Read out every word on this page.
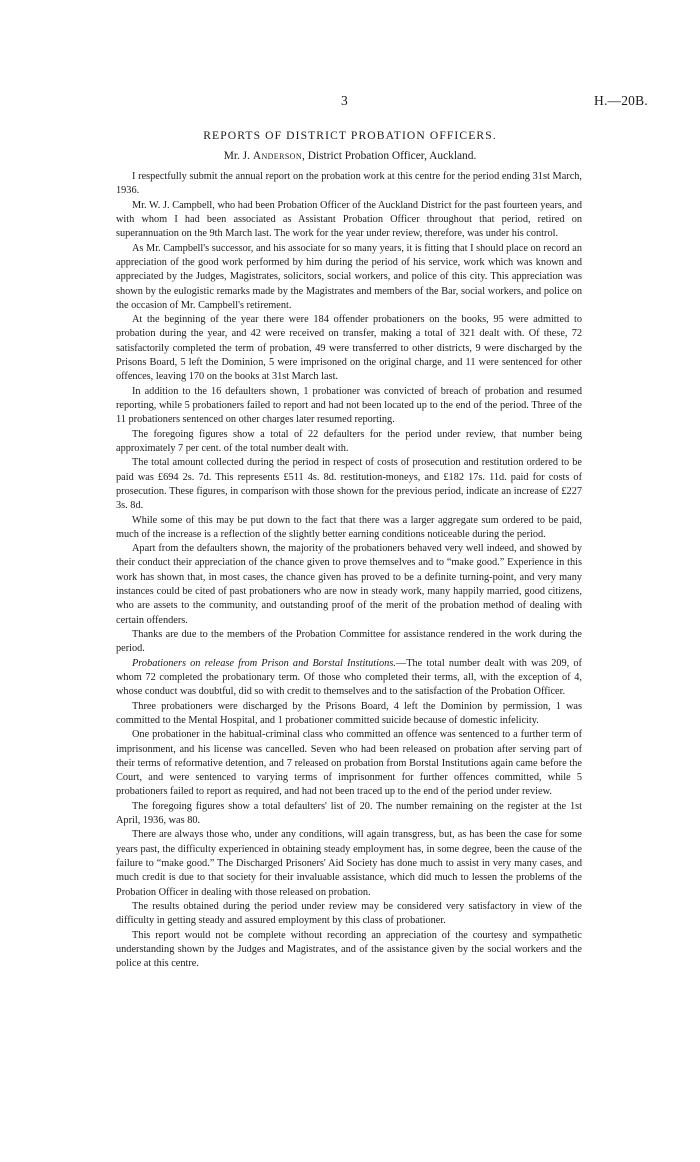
3	H.—20B.
REPORTS OF DISTRICT PROBATION OFFICERS.
Mr. J. Anderson, District Probation Officer, Auckland.

I respectfully submit the annual report on the probation work at this centre for the period ending 31st March, 1936.

Mr. W. J. Campbell, who had been Probation Officer of the Auckland District for the past fourteen years, and with whom I had been associated as Assistant Probation Officer throughout that period, retired on superannuation on the 9th March last. The work for the year under review, therefore, was under his control.

As Mr. Campbell's successor, and his associate for so many years, it is fitting that I should place on record an appreciation of the good work performed by him during the period of his service, work which was known and appreciated by the Judges, Magistrates, solicitors, social workers, and police of this city. This appreciation was shown by the eulogistic remarks made by the Magistrates and members of the Bar, social workers, and police on the occasion of Mr. Campbell's retirement.

At the beginning of the year there were 184 offender probationers on the books, 95 were admitted to probation during the year, and 42 were received on transfer, making a total of 321 dealt with. Of these, 72 satisfactorily completed the term of probation, 49 were transferred to other districts, 9 were discharged by the Prisons Board, 5 left the Dominion, 5 were imprisoned on the original charge, and 11 were sentenced for other offences, leaving 170 on the books at 31st March last.

In addition to the 16 defaulters shown, 1 probationer was convicted of breach of probation and resumed reporting, while 5 probationers failed to report and had not been located up to the end of the period. Three of the 11 probationers sentenced on other charges later resumed reporting.

The foregoing figures show a total of 22 defaulters for the period under review, that number being approximately 7 per cent. of the total number dealt with.

The total amount collected during the period in respect of costs of prosecution and restitution ordered to be paid was £694 2s. 7d. This represents £511 4s. 8d. restitution-moneys, and £182 17s. 11d. paid for costs of prosecution. These figures, in comparison with those shown for the previous period, indicate an increase of £227 3s. 8d.

While some of this may be put down to the fact that there was a larger aggregate sum ordered to be paid, much of the increase is a reflection of the slightly better earning conditions noticeable during the period.

Apart from the defaulters shown, the majority of the probationers behaved very well indeed, and showed by their conduct their appreciation of the chance given to prove themselves and to “make good.” Experience in this work has shown that, in most cases, the chance given has proved to be a definite turning-point, and very many instances could be cited of past probationers who are now in steady work, many happily married, good citizens, who are assets to the community, and outstanding proof of the merit of the probation method of dealing with certain offenders.

Thanks are due to the members of the Probation Committee for assistance rendered in the work during the period.

Probationers on release from Prison and Borstal Institutions.—The total number dealt with was 209, of whom 72 completed the probationary term. Of those who completed their terms, all, with the exception of 4, whose conduct was doubtful, did so with credit to themselves and to the satisfaction of the Probation Officer.

Three probationers were discharged by the Prisons Board, 4 left the Dominion by permission, 1 was committed to the Mental Hospital, and 1 probationer committed suicide because of domestic infelicity.

One probationer in the habitual-criminal class who committed an offence was sentenced to a further term of imprisonment, and his license was cancelled. Seven who had been released on probation after serving part of their terms of reformative detention, and 7 released on probation from Borstal Institutions again came before the Court, and were sentenced to varying terms of imprisonment for further offences committed, while 5 probationers failed to report as required, and had not been traced up to the end of the period under review.

The foregoing figures show a total defaulters' list of 20. The number remaining on the register at the 1st April, 1936, was 80.

There are always those who, under any conditions, will again transgress, but, as has been the case for some years past, the difficulty experienced in obtaining steady employment has, in some degree, been the cause of the failure to “make good.” The Discharged Prisoners' Aid Society has done much to assist in very many cases, and much credit is due to that society for their invaluable assistance, which did much to lessen the problems of the Probation Officer in dealing with those released on probation.

The results obtained during the period under review may be considered very satisfactory in view of the difficulty in getting steady and assured employment by this class of probationer.

This report would not be complete without recording an appreciation of the courtesy and sympathetic understanding shown by the Judges and Magistrates, and of the assistance given by the social workers and the police at this centre.
